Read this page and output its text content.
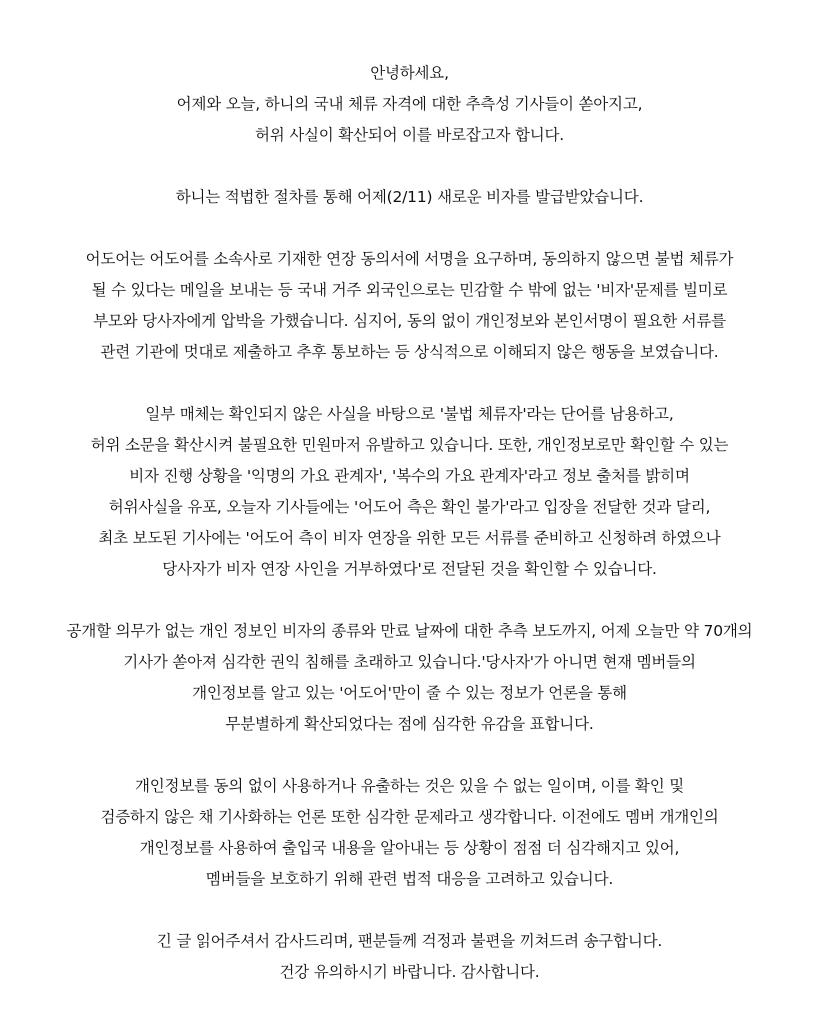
안녕하세요,
어제와 오늘, 하니의 국내 체류 자격에 대한 추측성 기사들이 쏟아지고,
허위 사실이 확산되어 이를 바로잡고자 합니다.

하니는 적법한 절차를 통해 어제(2/11) 새로운 비자를 발급받았습니다.

어도어는 어도어를 소속사로 기재한 연장 동의서에 서명을 요구하며, 동의하지 않으면 불법 체류가
될 수 있다는 메일을 보내는 등 국내 거주 외국인으로는 민감할 수 밖에 없는 '비자'문제를 빌미로
부모와 당사자에게 압박을 가했습니다. 심지어, 동의 없이 개인정보와 본인서명이 필요한 서류를
관련 기관에 멋대로 제출하고 추후 통보하는 등 상식적으로 이해되지 않은 행동을 보였습니다.

일부 매체는 확인되지 않은 사실을 바탕으로 '불법 체류자'라는 단어를 남용하고,
허위 소문을 확산시켜 불필요한 민원마저 유발하고 있습니다. 또한, 개인정보로만 확인할 수 있는
비자 진행 상황을 '익명의 가요 관계자', '복수의 가요 관계자'라고 정보 출처를 밝히며
허위사실을 유포, 오늘자 기사들에는 '어도어 측은 확인 불가'라고 입장을 전달한 것과 달리,
최초 보도된 기사에는 '어도어 측이 비자 연장을 위한 모든 서류를 준비하고 신청하려 하였으나
당사자가 비자 연장 사인을 거부하였다'로 전달된 것을 확인할 수 있습니다.

공개할 의무가 없는 개인 정보인 비자의 종류와 만료 날짜에 대한 추측 보도까지, 어제 오늘만 약 70개의
기사가 쏟아져 심각한 권익 침해를 초래하고 있습니다.'당사자'가 아니면 현재 멤버들의
개인정보를 알고 있는 '어도어'만이 줄 수 있는 정보가 언론을 통해
무분별하게 확산되었다는 점에 심각한 유감을 표합니다.

개인정보를 동의 없이 사용하거나 유출하는 것은 있을 수 없는 일이며, 이를 확인 및
검증하지 않은 채 기사화하는 언론 또한 심각한 문제라고 생각합니다. 이전에도 멤버 개개인의
개인정보를 사용하여 출입국 내용을 알아내는 등 상황이 점점 더 심각해지고 있어,
멤버들을 보호하기 위해 관련 법적 대응을 고려하고 있습니다.

긴 글 읽어주셔서 감사드리며, 팬분들께 걱정과 불편을 끼쳐드려 송구합니다.
건강 유의하시기 바랍니다. 감사합니다.
